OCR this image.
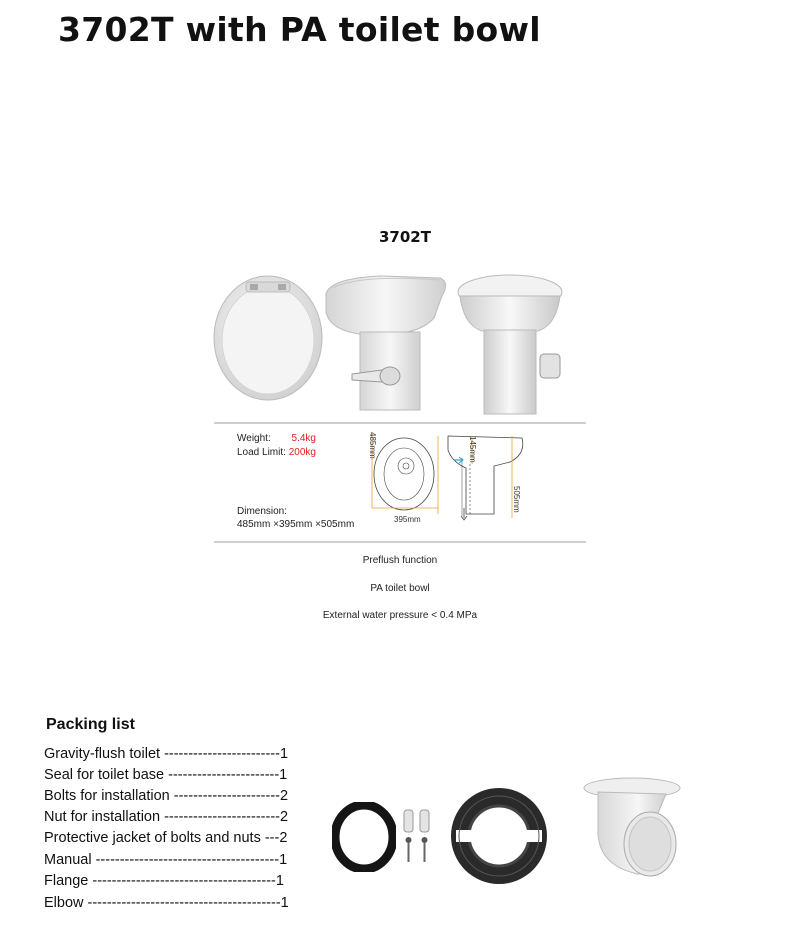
3702T with PA toilet bowl
3702T
Weight: 5.4kg
Load Limit: 200kg
Dimension:
485mm ×395mm ×505mm
485mm
395mm
145mm
505mm
Preflush function
PA toilet bowl
External water pressure < 0.4 MPa
Packing list
Gravity-flush toilet ------------------------1
Seal for toilet base -----------------------1
Bolts for installation ----------------------2
Nut for installation ------------------------2
Protective jacket of bolts and nuts ---2
Manual --------------------------------------1
Flange --------------------------------------1
Elbow ----------------------------------------1
